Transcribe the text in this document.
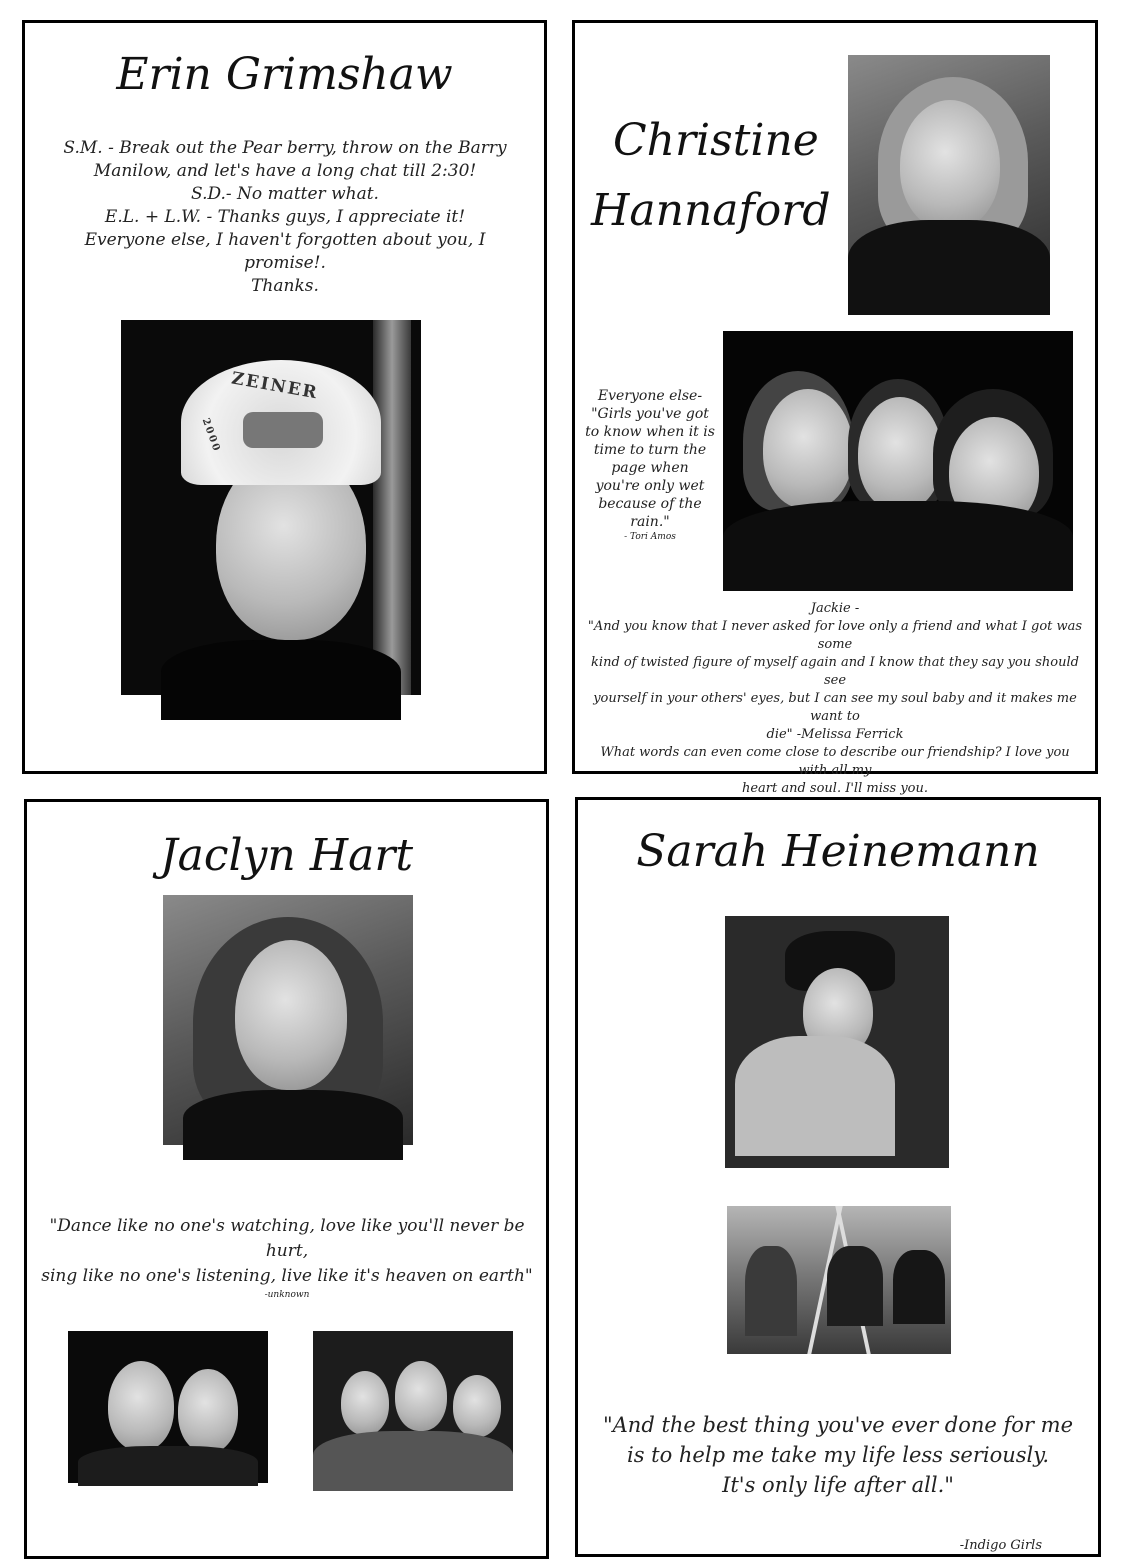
Erin Grimshaw
S.M. - Break out the Pear berry, throw on the Barry
Manilow, and let's have a long chat till 2:30!
S.D.- No matter what.
E.L. + L.W. - Thanks guys, I appreciate it!
Everyone else, I haven't forgotten about you, I promise!.
Thanks.
ZEINER
2000
Christine
Hannaford
Everyone else-
"Girls you've got
to know when it is
time to turn the
page when
you're only wet
because of the
rain."
- Tori Amos
Jackie -
"And you know that I never asked for love only a friend and what I got was some
kind of twisted figure of myself again and I know that they say you should see
yourself in your others' eyes, but I can see my soul baby and it makes me want to
die" -Melissa Ferrick
What words can even come close to describe our friendship? I love you with all my
heart and soul. I'll miss you.
Jaclyn Hart
"Dance like no one's watching, love like you'll never be hurt,
sing like no one's listening, live like it's heaven on earth"
-unknown
Sarah Heinemann
"And the best thing you've ever done for me
is to help me take my life less seriously.
It's only life after all."
-Indigo Girls
